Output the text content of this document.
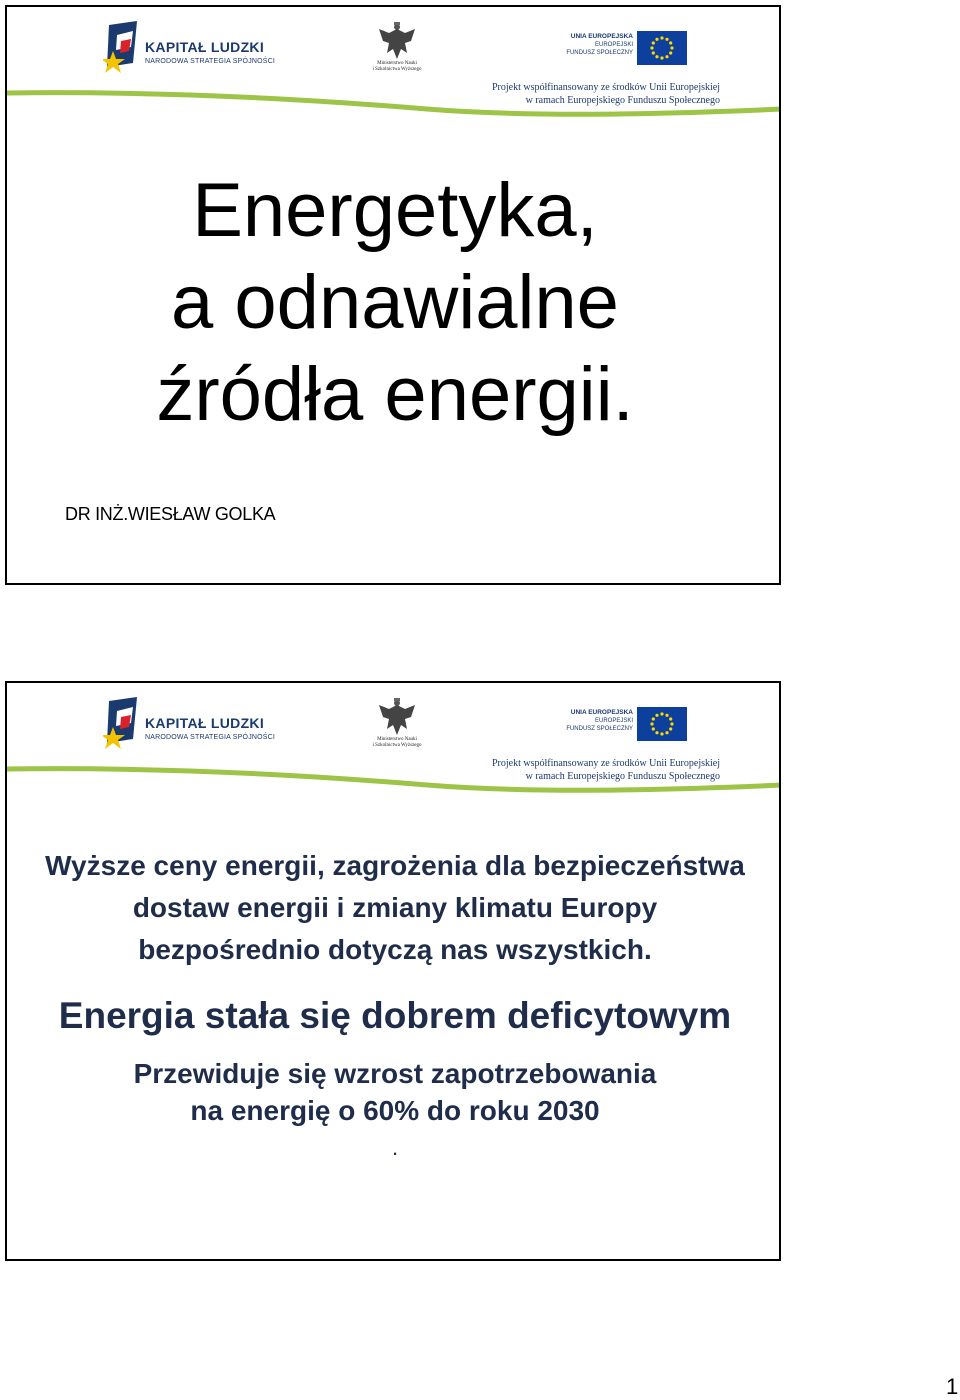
KAPITAŁ LUDZKI
NARODOWA STRATEGIA SPÓJNOŚCI	Ministerstwo Nauki
i Szkolnictwa Wyższego
UNIA EUROPEJSKA
EUROPEJSKI
FUNDUSZ SPOŁECZNY
Projekt współfinansowany ze środków Unii Europejskiej
w ramach Europejskiego Funduszu Społecznego
Energetyka,
a odnawialne
źródła energii.
DR INŻ.WIESŁAW GOLKA
KAPITAŁ LUDZKI
NARODOWA STRATEGIA SPÓJNOŚCI	Ministerstwo Nauki
i Szkolnictwa Wyższego
UNIA EUROPEJSKA
EUROPEJSKI
FUNDUSZ SPOŁECZNY
Projekt współfinansowany ze środków Unii Europejskiej
w ramach Europejskiego Funduszu Społecznego

Wyższe ceny energii, zagrożenia dla bezpieczeństwa
dostaw energii i zmiany klimatu Europy
bezpośrednio dotyczą nas wszystkich.

Energia stała się dobrem deficytowym

Przewiduje się wzrost zapotrzebowania
na energię o 60% do roku 2030
.

1
